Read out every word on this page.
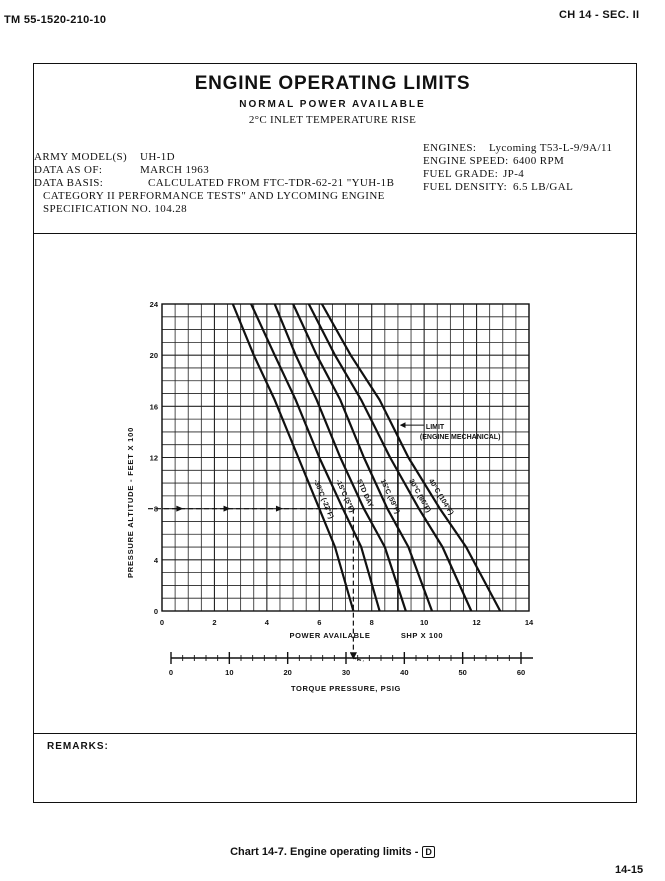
TM 55-1520-210-10	CH 14 - SEC. II
ENGINE OPERATING LIMITS
NORMAL POWER AVAILABLE
2°C INLET TEMPERATURE RISE
ARMY MODEL(S) UH-1D
DATA AS OF:	MARCH 1963
DATA BASIS:	CALCULATED FROM FTC-TDR-62-21 "YUH-1B
CATEGORY II PERFORMANCE TESTS" AND LYCOMING ENGINE
SPECIFICATION NO. 104.28
ENGINES: Lycoming T53-L-9/9A/11
ENGINE SPEED: 6400 RPM
FUEL GRADE: JP-4
FUEL DENSITY: 6.5 LB/GAL
-30°C (-22°F) -15°C (5°F) STD DAY 15°C (59°F) 30°C (86°F)
40°C (104°F)
LIMIT
(ENGINE MECHANICAL)
0	2	4	6	8	10	12	14
0
4
8
12
16
20
24
POWER AVAILABLE	SHP X 100
PRESSURE ALTITUDE - FEET X 100
0	10	20	30	40	50	60
TORQUE PRESSURE, PSIG
REMARKS:
Chart 14-7. Engine operating limits - D
14-15
